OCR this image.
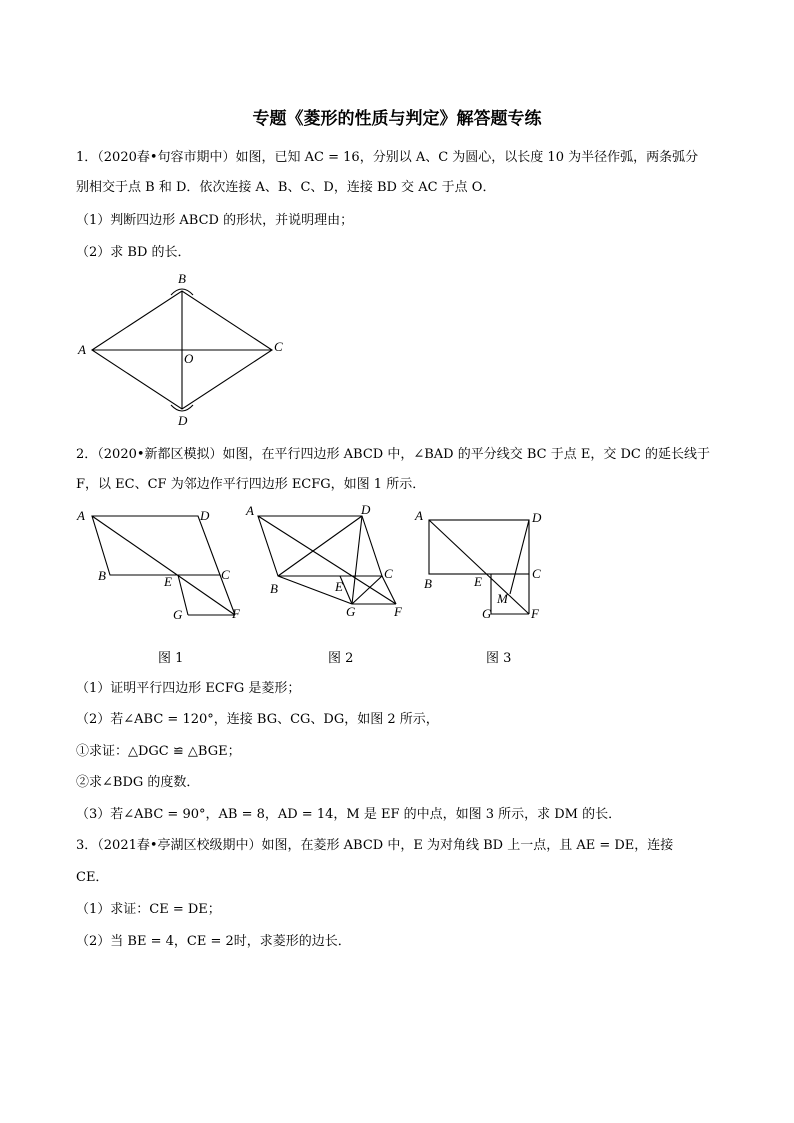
专题《菱形的性质与判定》解答题专练
1．（2020春•句容市期中）如图，已知 AC = 16，分别以 A、C 为圆心，以长度 10 为半径作弧，两条弧分
别相交于点 B 和 D．依次连接 A、B、C、D，连接 BD 交 AC 于点 O．
（1）判断四边形 ABCD 的形状，并说明理由；
（2）求 BD 的长．
A
B
C
D
O
2．（2020•新都区模拟）如图，在平行四边形 ABCD 中，∠BAD 的平分线交 BC 于点 E，交 DC 的延长线于
F，以 EC、CF 为邻边作平行四边形 ECFG，如图 1 所示．
A	D
B	E	C
G	F
A	D
B	E
C
G	F
A	D
B	E
C
M
G	F
图 1	图 2	图 3
（1）证明平行四边形 ECFG 是菱形；
（2）若∠ABC = 120°，连接 BG、CG、DG，如图 2 所示，
①求证：△DGC ≌ △BGE；
②求∠BDG 的度数．
（3）若∠ABC = 90°，AB = 8，AD = 14，M 是 EF 的中点，如图 3 所示，求 DM 的长．
3．（2021春•亭湖区校级期中）如图，在菱形 ABCD 中，E 为对角线 BD 上一点，且 AE = DE，连接
CE．
（1）求证：CE = DE；
（2）当 BE = 4，CE = 2时，求菱形的边长．
